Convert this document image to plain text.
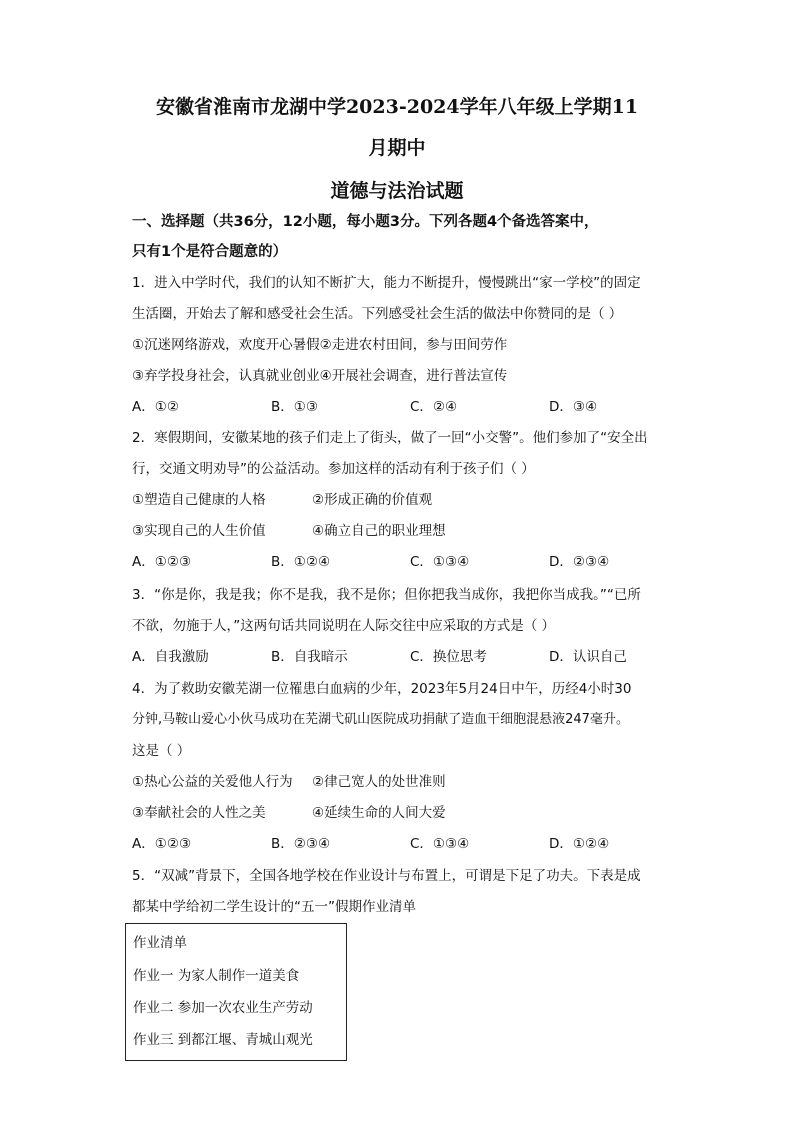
安徽省淮南市龙湖中学2023-2024学年八年级上学期11
月期中
道德与法治试题
一、选择题（共36分，12小题，每小题3分。下列各题4个备选答案中，
只有1个是符合题意的）
1．进入中学时代，我们的认知不断扩大，能力不断提升，慢慢跳出“家一学校”的固定
生活圈，开始去了解和感受社会生活。下列感受社会生活的做法中你赞同的是（ ）
①沉迷网络游戏，欢度开心暑假②走进农村田间，参与田间劳作
③弃学投身社会，认真就业创业④开展社会调查，进行普法宣传
A．①②	B．①③	C．②④	D．③④
2．寒假期间，安徽某地的孩子们走上了街头，做了一回“小交警”。他们参加了“安全出
行，交通文明劝导”的公益活动。参加这样的活动有利于孩子们（ ）
①塑造自己健康的人格	②形成正确的价值观
③实现自己的人生价值	④确立自己的职业理想
A．①②③	B．①②④	C．①③④	D．②③④
3．“你是你，我是我；你不是我，我不是你；但你把我当成你，我把你当成我。”“已所
不欲，勿施于人，”这两句话共同说明在人际交往中应采取的方式是（ ）
A．自我激励	B．自我暗示	C．换位思考	D．认识自己
4．为了救助安徽芜湖一位罹患白血病的少年，2023年5月24日中午，历经4小时30
分钟,马鞍山爱心小伙马成功在芜湖弋矶山医院成功捐献了造血干细胞混悬液247毫升。
这是（ ）
①热心公益的关爱他人行为 ②律己宽人的处世准则
③奉献社会的人性之美	④延续生命的人间大爱
A．①②③	B．②③④	C．①③④	D．①②④
5．“双减”背景下，全国各地学校在作业设计与布置上，可谓是下足了功夫。下表是成
都某中学给初二学生设计的“五一”假期作业清单
作业清单
作业一 为家人制作一道美食
作业二 参加一次农业生产劳动
作业三 到都江堰、青城山观光
